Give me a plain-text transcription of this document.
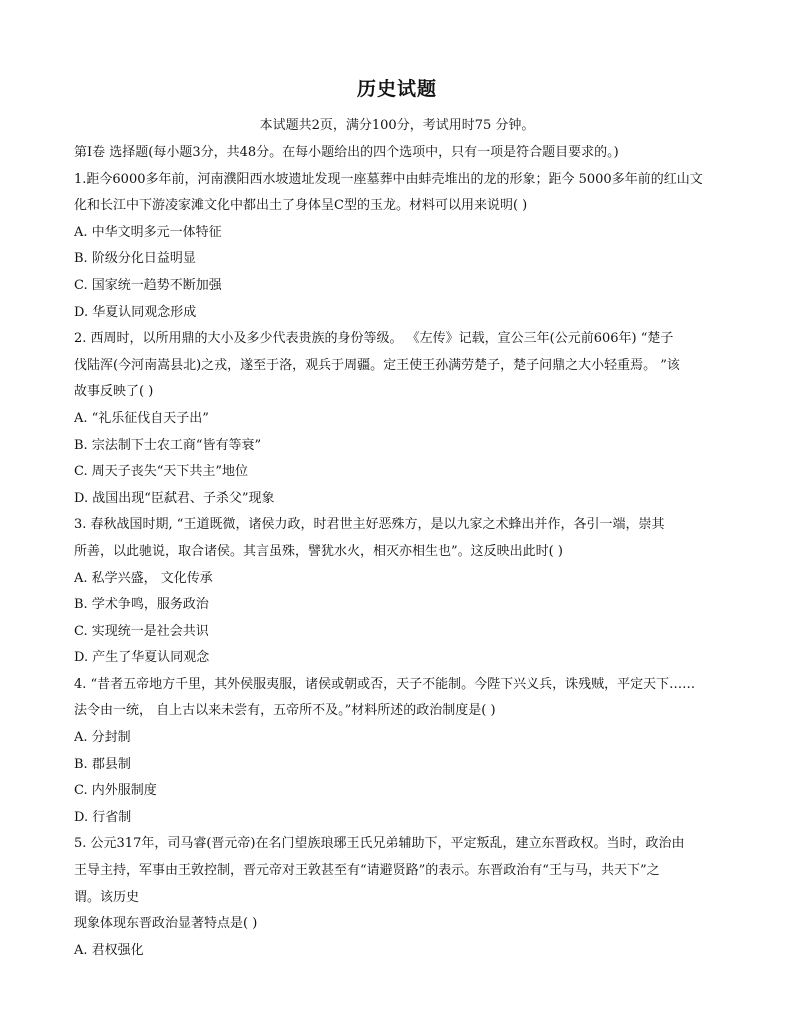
历史试题
本试题共2页，满分100分，考试用时75 分钟。
第Ⅰ卷 选择题(每小题3分，共48分。在每小题给出的四个选项中，只有一项是符合题目要求的。)
1.距今6000多年前，河南濮阳西水坡遗址发现一座墓葬中由蚌壳堆出的龙的形象；距今 5000多年前的红山文
化和长江中下游凌家滩文化中都出土了身体呈C型的玉龙。材料可以用来说明( )
A. 中华文明多元一体特征
B. 阶级分化日益明显
C. 国家统一趋势不断加强
D. 华夏认同观念形成
2. 西周时，以所用鼎的大小及多少代表贵族的身份等级。 《左传》记载，宣公三年(公元前606年) “楚子
伐陆浑(今河南嵩县北)之戎，遂至于洛，观兵于周疆。定王使王孙满劳楚子，楚子问鼎之大小轻重焉。 ”该
故事反映了( )
A. “礼乐征伐自天子出”
B. 宗法制下士农工商“皆有等衰”
C. 周天子丧失“天下共主”地位
D. 战国出现“臣弑君、子杀父”现象
3. 春秋战国时期, “王道既微，诸侯力政，时君世主好恶殊方，是以九家之术蜂出并作，各引一端，崇其
所善，以此驰说，取合诸侯。其言虽殊，譬犹水火，相灭亦相生也”。这反映出此时( )
A. 私学兴盛， 文化传承
B. 学术争鸣，服务政治
C. 实现统一是社会共识
D. 产生了华夏认同观念
4. “昔者五帝地方千里，其外侯服夷服，诸侯或朝或否，天子不能制。今陛下兴义兵，诛残贼，平定天下……
法令由一统， 自上古以来未尝有，五帝所不及。”材料所述的政治制度是( )
A. 分封制
B. 郡县制
C. 内外服制度
D. 行省制
5. 公元317年，司马睿(晋元帝)在名门望族琅琊王氏兄弟辅助下，平定叛乱，建立东晋政权。当时，政治由
王导主持，军事由王敦控制，晋元帝对王敦甚至有“请避贤路”的表示。东晋政治有“王与马，共天下”之
谓。该历史
现象体现东晋政治显著特点是( )
A. 君权强化
